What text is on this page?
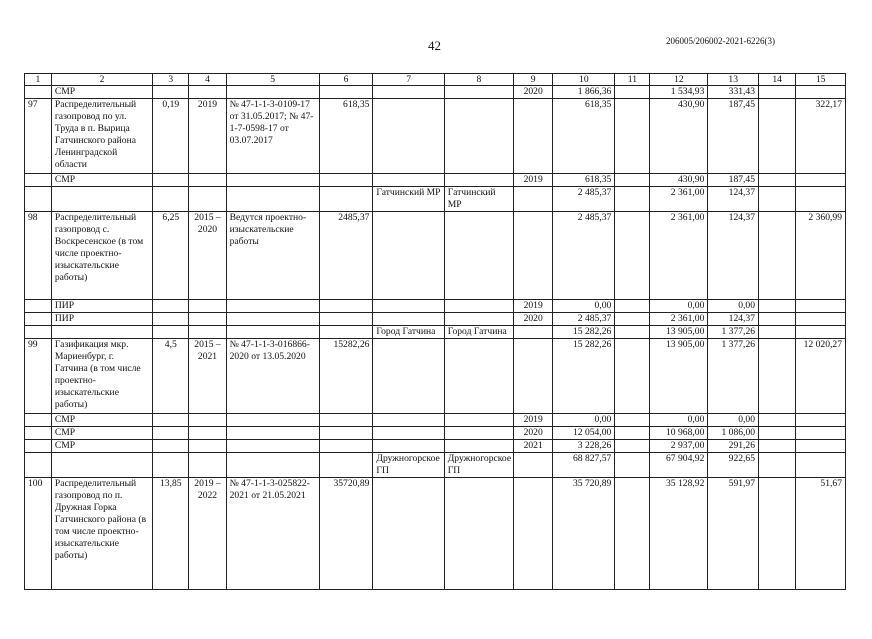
206005/206002-2021-6226(3)
42
1	2	3	4	5	6	7	8	9	10	11	12	13	14	15
	СМР							2020	1 866,36		1 534,93	331,43		
97	Распределительный газопровод по ул. Труда в п. Вырица Гатчинского района Ленинградской области	0,19	2019	№ 47-1-1-3-0109-17 от 31.05.2017; № 47-1-7-0598-17 от 03.07.2017	618,35				618,35		430,90	187,45		322,17
	СМР							2019	618,35		430,90	187,45		
						Гатчинский МР	Гатчинский МР		2 485,37		2 361,00	124,37		
98	Распределительный газопровод с. Воскресенское (в том числе проектно-изыскательские работы)	6,25	2015 – 2020	Ведутся проектно-изыскательские работы	2485,37				2 485,37		2 361,00	124,37		2 360,99
	ПИР							2019	0,00		0,00	0,00		
	ПИР							2020	2 485,37		2 361,00	124,37		
						Город Гатчина	Город Гатчина		15 282,26		13 905,00	1 377,26		
99	Газификация мкр. Мариенбург, г. Гатчина (в том числе проектно-изыскательские работы)	4,5	2015 – 2021	№ 47-1-1-3-016866-2020 от 13.05.2020	15282,26				15 282,26		13 905,00	1 377,26		12 020,27
	СМР							2019	0,00		0,00	0,00		
	СМР							2020	12 054,00		10 968,00	1 086,00		
	СМР							2021	3 228,26		2 937,00	291,26		
						Дружногорское ГП	Дружногорское ГП		68 827,57		67 904,92	922,65		
100	Распределительный газопровод по п. Дружная Горка Гатчинского района (в том числе проектно-изыскательские работы)	13,85	2019 – 2022	№ 47-1-1-3-025822-2021 от 21.05.2021	35720,89				35 720,89		35 128,92	591,97		51,67
